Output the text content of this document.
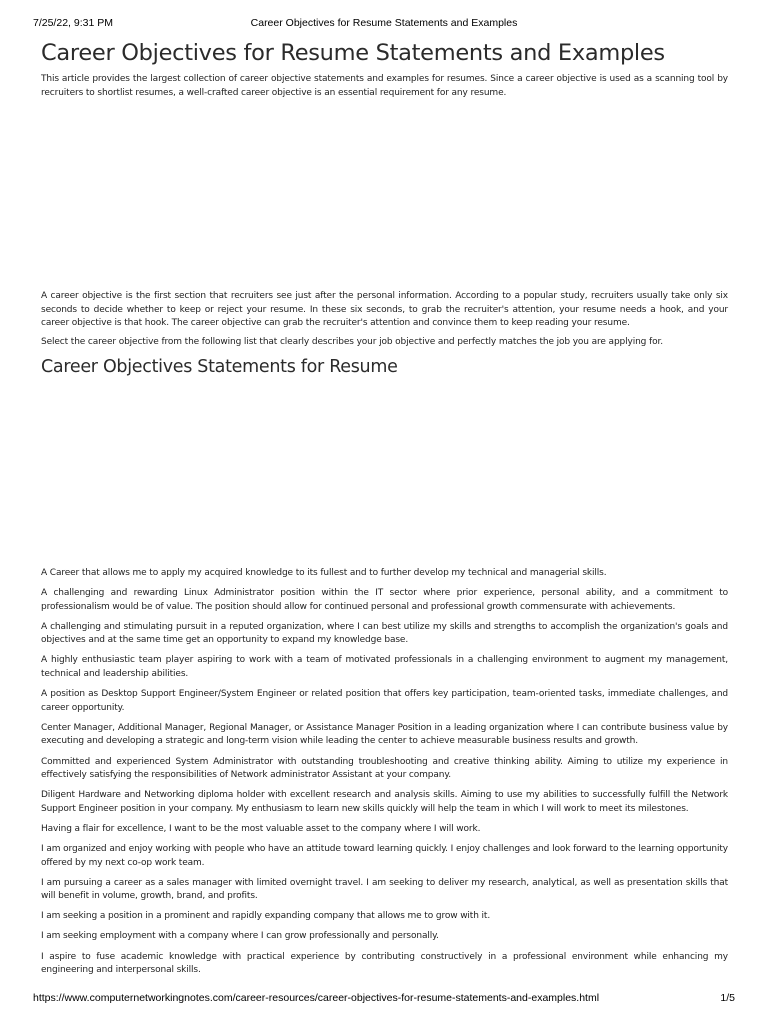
7/25/22, 9:31 PM	Career Objectives for Resume Statements and Examples
Career Objectives for Resume Statements and Examples

This article provides the largest collection of career objective statements and examples for resumes. Since a career objective is used as a scanning tool by recruiters to shortlist resumes, a well-crafted career objective is an essential requirement for any resume.

A career objective is the first section that recruiters see just after the personal information. According to a popular study, recruiters usually take only six seconds to decide whether to keep or reject your resume. In these six seconds, to grab the recruiter's attention, your resume needs a hook, and your career objective is that hook. The career objective can grab the recruiter's attention and convince them to keep reading your resume.

Select the career objective from the following list that clearly describes your job objective and perfectly matches the job you are applying for.

Career Objectives Statements for Resume

A Career that allows me to apply my acquired knowledge to its fullest and to further develop my technical and managerial skills.

A challenging and rewarding Linux Administrator position within the IT sector where prior experience, personal ability, and a commitment to professionalism would be of value. The position should allow for continued personal and professional growth commensurate with achievements.

A challenging and stimulating pursuit in a reputed organization, where I can best utilize my skills and strengths to accomplish the organization's goals and objectives and at the same time get an opportunity to expand my knowledge base.

A highly enthusiastic team player aspiring to work with a team of motivated professionals in a challenging environment to augment my management, technical and leadership abilities.

A position as Desktop Support Engineer/System Engineer or related position that offers key participation, team-oriented tasks, immediate challenges, and career opportunity.

Center Manager, Additional Manager, Regional Manager, or Assistance Manager Position in a leading organization where I can contribute business value by executing and developing a strategic and long-term vision while leading the center to achieve measurable business results and growth.

Committed and experienced System Administrator with outstanding troubleshooting and creative thinking ability. Aiming to utilize my experience in effectively satisfying the responsibilities of Network administrator Assistant at your company.

Diligent Hardware and Networking diploma holder with excellent research and analysis skills. Aiming to use my abilities to successfully fulfill the Network Support Engineer position in your company. My enthusiasm to learn new skills quickly will help the team in which I will work to meet its milestones.

Having a flair for excellence, I want to be the most valuable asset to the company where I will work.

I am organized and enjoy working with people who have an attitude toward learning quickly. I enjoy challenges and look forward to the learning opportunity offered by my next co-op work team.

I am pursuing a career as a sales manager with limited overnight travel. I am seeking to deliver my research, analytical, as well as presentation skills that will benefit in volume, growth, brand, and profits.

I am seeking a position in a prominent and rapidly expanding company that allows me to grow with it.

I am seeking employment with a company where I can grow professionally and personally.

I aspire to fuse academic knowledge with practical experience by contributing constructively in a professional environment while enhancing my engineering and interpersonal skills.

https://www.computernetworkingnotes.com/career-resources/career-objectives-for-resume-statements-and-examples.html	1/5
